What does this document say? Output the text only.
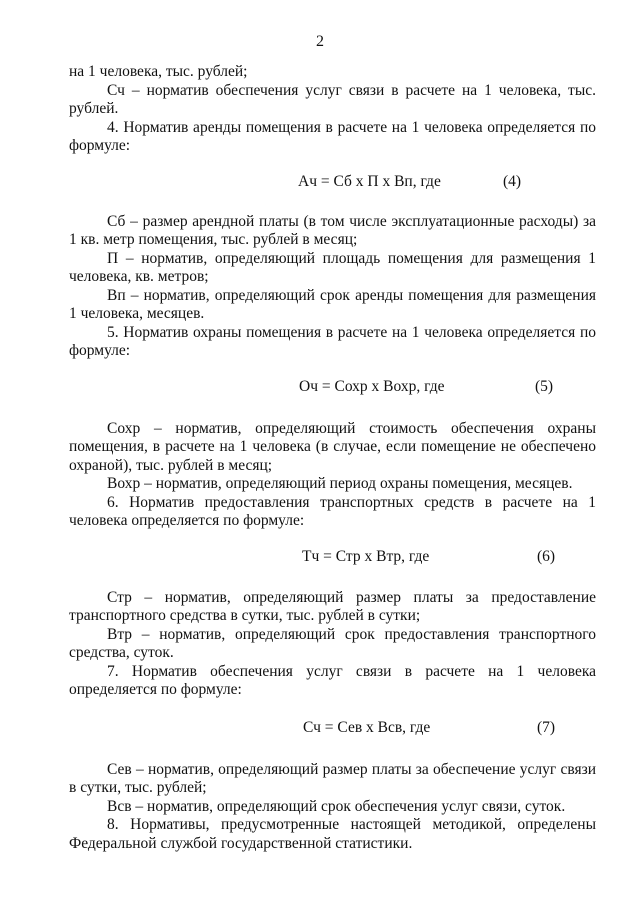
2

на 1 человека, тыс. рублей;

Сч – норматив обеспечения услуг связи в расчете на 1 человека, тыс. рублей.

4. Норматив аренды помещения в расчете на 1 человека определяется по формуле:

Ач = Сб х П х Вп, где	(4)

Сб – размер арендной платы (в том числе эксплуатационные расходы) за 1 кв. метр помещения, тыс. рублей в месяц;

П – норматив, определяющий площадь помещения для размещения 1 человека, кв. метров;

Вп – норматив, определяющий срок аренды помещения для размещения 1 человека, месяцев.

5. Норматив охраны помещения в расчете на 1 человека определяется по формуле:

Оч = Сохр х Вохр, где	(5)

Сохр – норматив, определяющий стоимость обеспечения охраны помещения, в расчете на 1 человека (в случае, если помещение не обеспечено охраной), тыс. рублей в месяц;

Вохр – норматив, определяющий период охраны помещения, месяцев.

6. Норматив предоставления транспортных средств в расчете на 1 человека определяется по формуле:

Тч = Стр х Втр, где	(6)

Стр – норматив, определяющий размер платы за предоставление транспортного средства в сутки, тыс. рублей в сутки;

Втр – норматив, определяющий срок предоставления транспортного средства, суток.

7. Норматив обеспечения услуг связи в расчете на 1 человека определяется по формуле:

Сч = Сев х Всв, где	(7)

Сев – норматив, определяющий размер платы за обеспечение услуг связи в сутки, тыс. рублей;

Всв – норматив, определяющий срок обеспечения услуг связи, суток.

8. Нормативы, предусмотренные настоящей методикой, определены Федеральной службой государственной статистики.
